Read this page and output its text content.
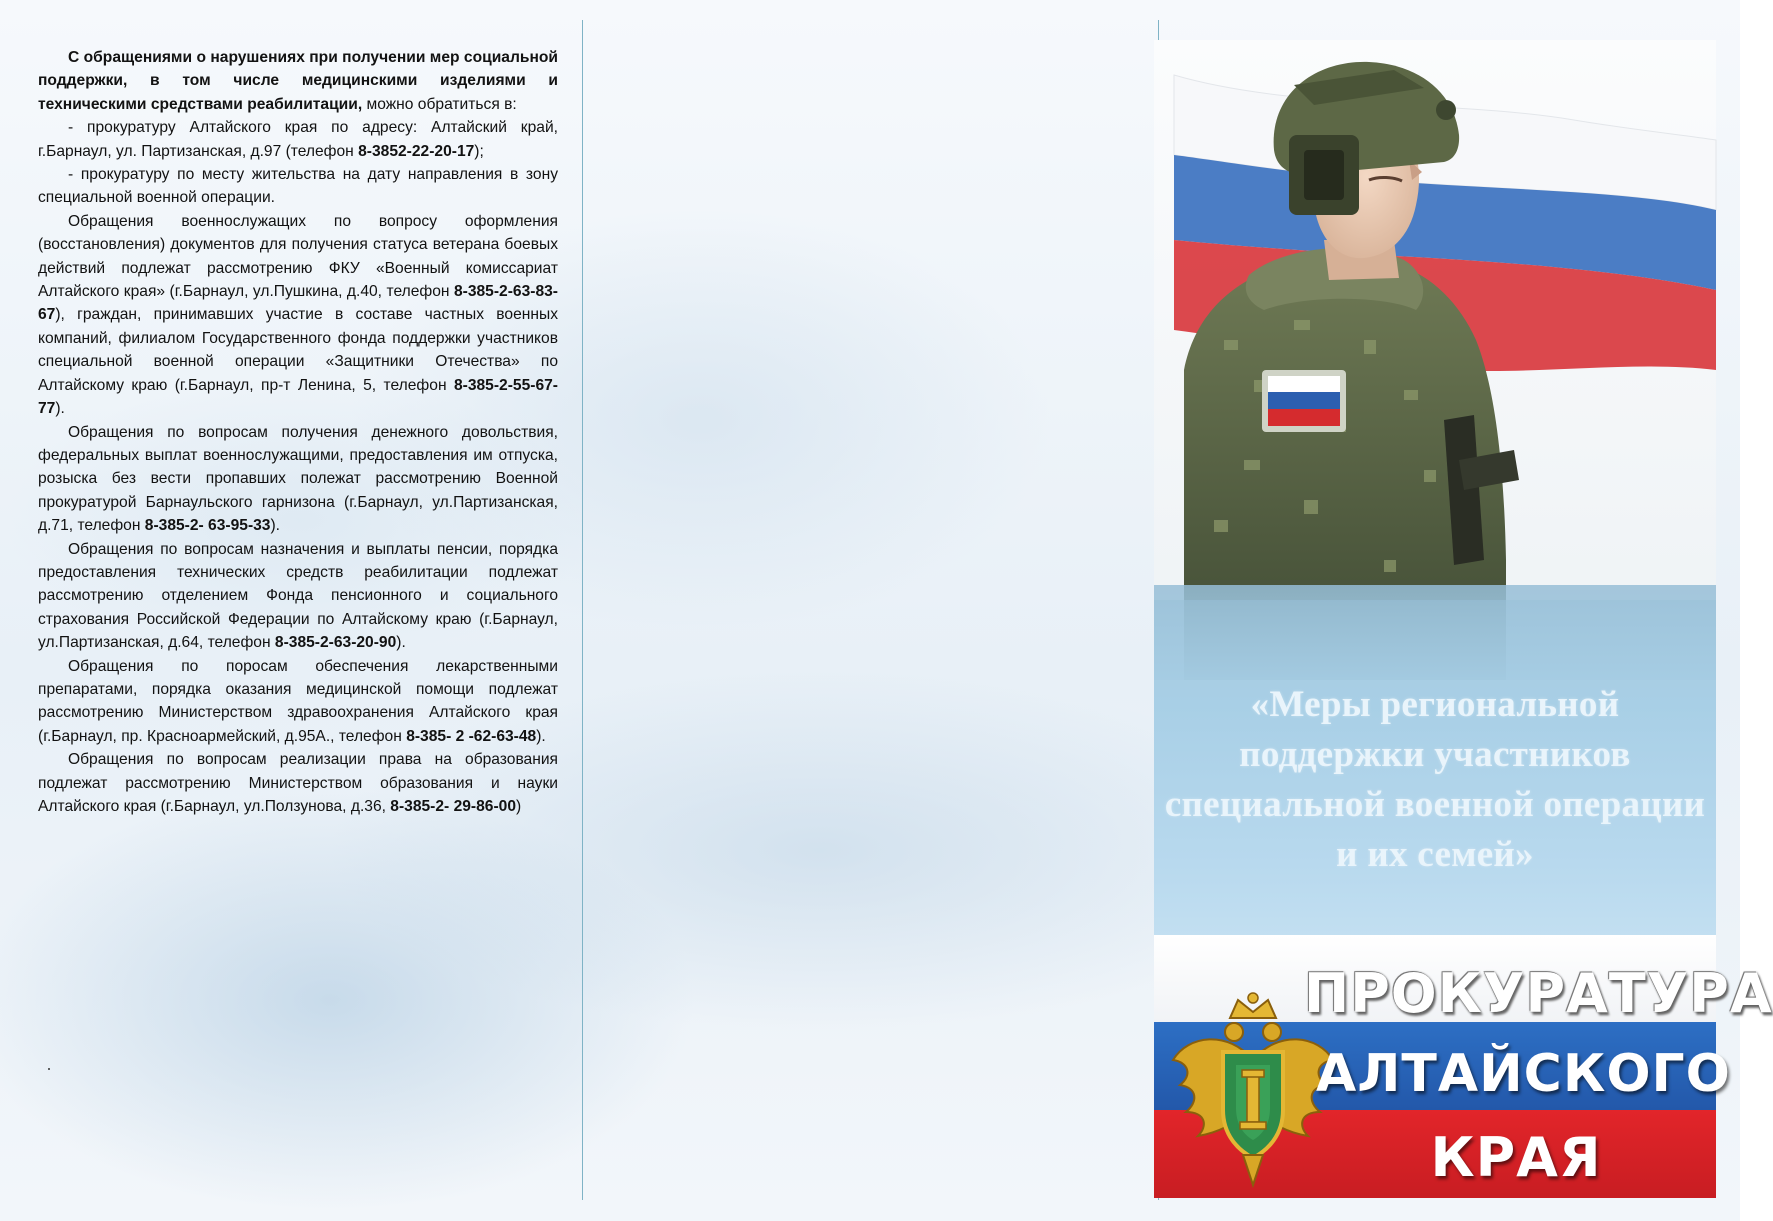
С обращениями о нарушениях при получении мер социальной поддержки, в том числе медицинскими изделиями и техническими средствами реабилитации, можно обратиться в:

- прокуратуру Алтайского края по адресу: Алтайский край, г.Барнаул, ул. Партизанская, д.97 (телефон 8-3852-22-20-17);

- прокуратуру по месту жительства на дату направления в зону специальной военной операции.

Обращения военнослужащих по вопросу оформления (восстановления) документов для получения статуса ветерана боевых действий подлежат рассмотрению ФКУ «Военный комиссариат Алтайского края» (г.Барнаул, ул.Пушкина, д.40, телефон 8-385-2-63-83-67), граждан, принимавших участие в составе частных военных компаний, филиалом Государственного фонда поддержки участников специальной военной операции «Защитники Отечества» по Алтайскому краю (г.Барнаул, пр-т Ленина, 5, телефон 8-385-2-55-67-77).

Обращения по вопросам получения денежного довольствия, федеральных выплат военнослужащими, предоставления им отпуска, розыска без вести пропавших полежат рассмотрению Военной прокуратурой Барнаульского гарнизона (г.Барнаул, ул.Партизанская, д.71, телефон 8-385-2- 63-95-33).

Обращения по вопросам назначения и выплаты пенсии, порядка предоставления технических средств реабилитации подлежат рассмотрению отделением Фонда пенсионного и социального страхования Российской Федерации по Алтайскому краю (г.Барнаул, ул.Партизанская, д.64, телефон 8-385-2-63-20-90).

Обращения по поросам обеспечения лекарственными препаратами, порядка оказания медицинской помощи подлежат рассмотрению Министерством здравоохранения Алтайского края (г.Барнаул, пр. Красноармейский, д.95А., телефон 8-385- 2 -62-63-48).

Обращения по вопросам реализации права на образования подлежат рассмотрению Министерством образования и науки Алтайского края (г.Барнаул, ул.Ползунова, д.36, 8-385-2- 29-86-00)

«Меры региональной поддержки участников специальной военной операции и их семей»
ПРОКУРАТУРА
АЛТАЙСКОГО
КРАЯ
